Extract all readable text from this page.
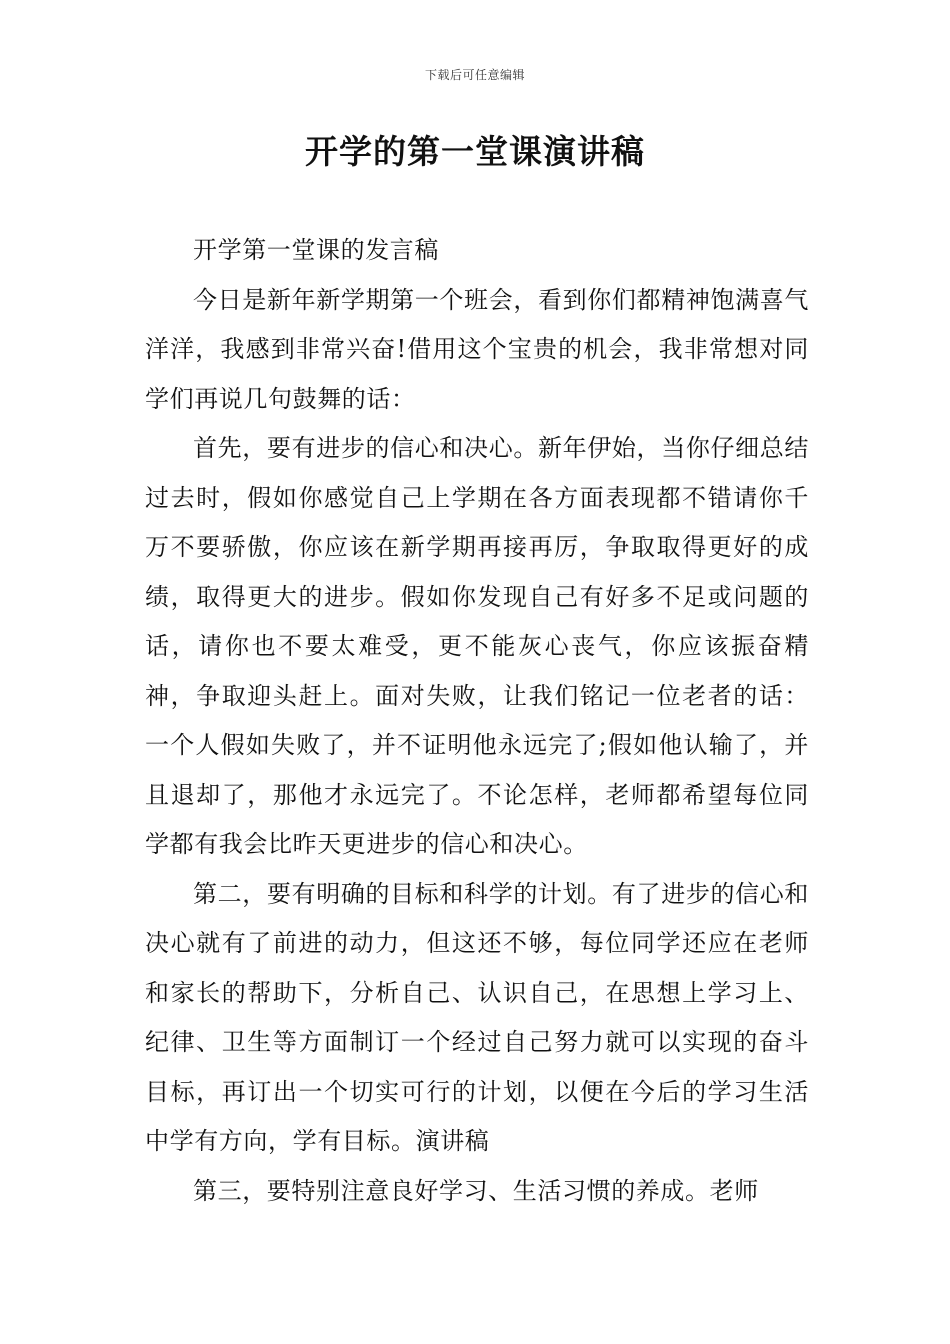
下载后可任意编辑
开学的第一堂课演讲稿

开学第一堂课的发言稿

今日是新年新学期第一个班会，看到你们都精神饱满喜气洋洋，我感到非常兴奋!借用这个宝贵的机会，我非常想对同学们再说几句鼓舞的话：

首先，要有进步的信心和决心。新年伊始，当你仔细总结过去时，假如你感觉自己上学期在各方面表现都不错请你千万不要骄傲，你应该在新学期再接再厉，争取取得更好的成绩，取得更大的进步。假如你发现自己有好多不足或问题的话，请你也不要太难受，更不能灰心丧气，你应该振奋精神，争取迎头赶上。面对失败，让我们铭记一位老者的话：一个人假如失败了，并不证明他永远完了;假如他认输了，并且退却了，那他才永远完了。不论怎样，老师都希望每位同学都有我会比昨天更进步的信心和决心。

第二，要有明确的目标和科学的计划。有了进步的信心和决心就有了前进的动力，但这还不够，每位同学还应在老师和家长的帮助下，分析自己、认识自己，在思想上学习上、纪律、卫生等方面制订一个经过自己努力就可以实现的奋斗目标，再订出一个切实可行的计划，以便在今后的学习生活中学有方向，学有目标。演讲稿

第三，要特别注意良好学习、生活习惯的养成。老师
